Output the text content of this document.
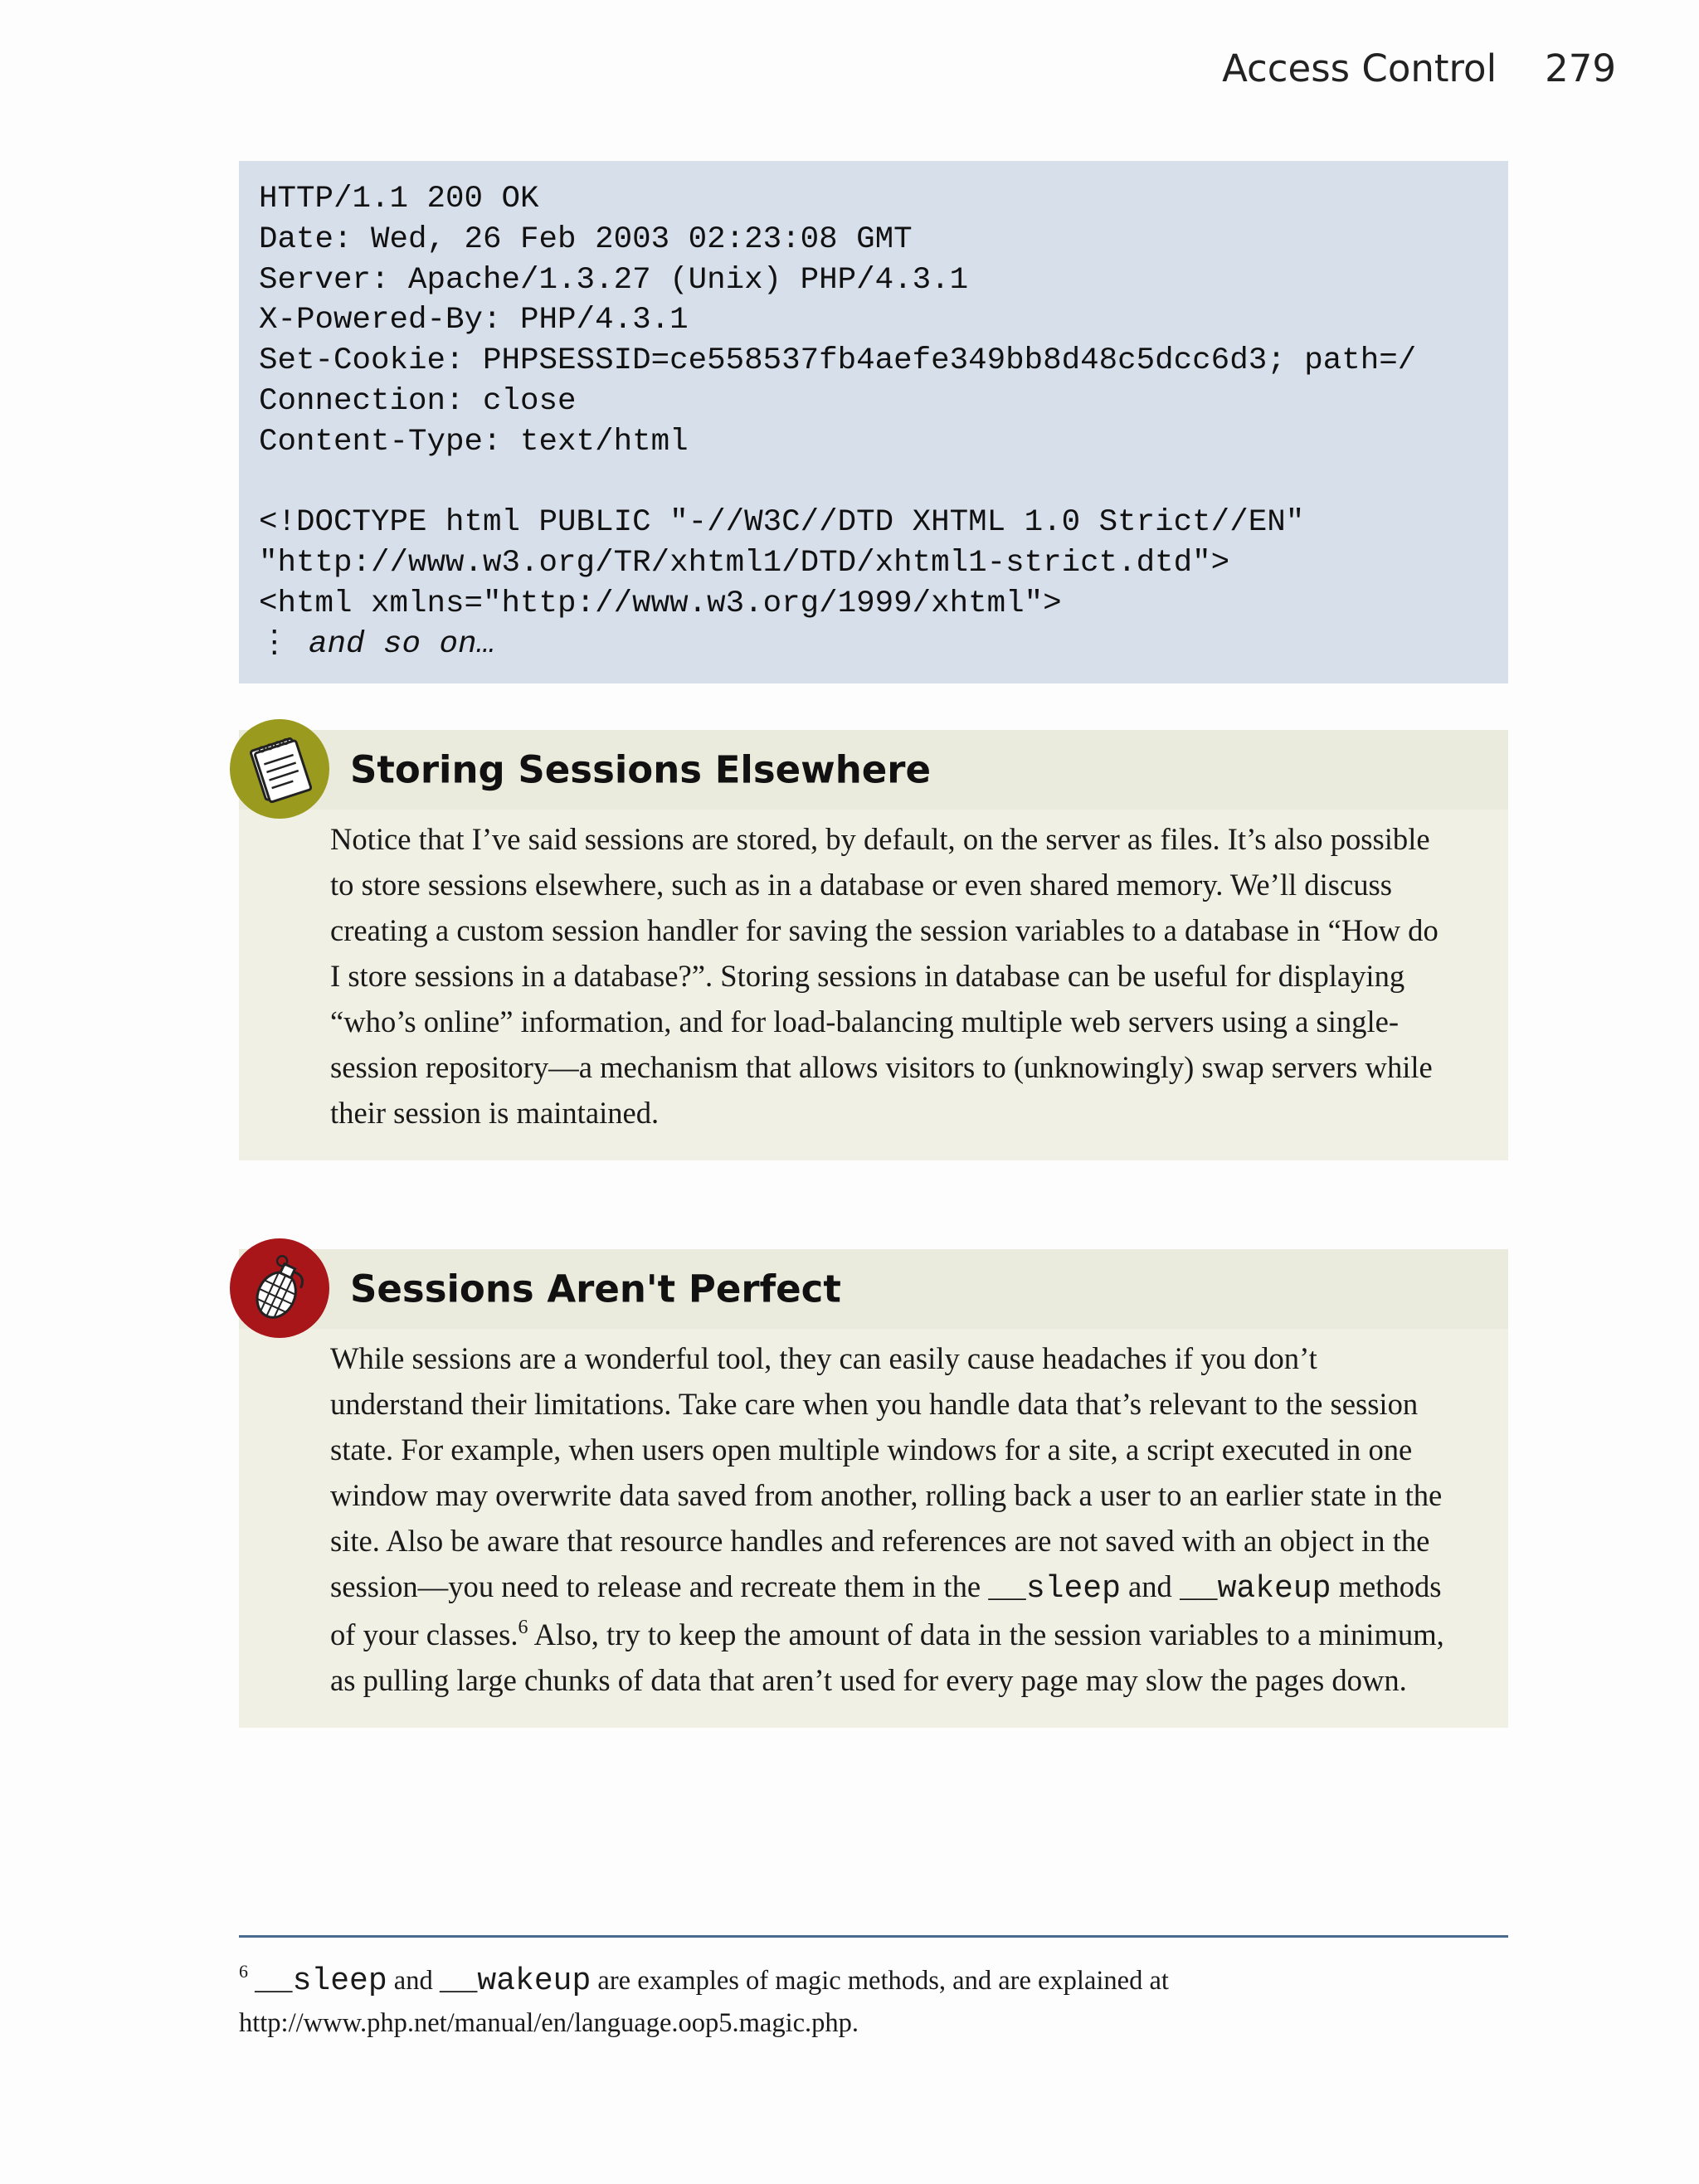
Access Control 279
HTTP/1.1 200 OK
Date: Wed, 26 Feb 2003 02:23:08 GMT
Server: Apache/1.3.27 (Unix) PHP/4.3.1
X-Powered-By: PHP/4.3.1
Set-Cookie: PHPSESSID=ce558537fb4aefe349bb8d48c5dcc6d3; path=/
Connection: close
Content-Type: text/html
<!DOCTYPE html PUBLIC "-//W3C//DTD XHTML 1.0 Strict//EN"
"http://www.w3.org/TR/xhtml1/DTD/xhtml1-strict.dtd">
<html xmlns="http://www.w3.org/1999/xhtml">
⋮ and so on…
Storing Sessions Elsewhere

Notice that I’ve said sessions are stored, by default, on the server as files. It’s also possible to store sessions elsewhere, such as in a database or even shared memory. We’ll discuss creating a custom session handler for saving the session variables to a database in “How do I store sessions in a database?”. Storing sessions in database can be useful for displaying “who’s online” information, and for load-balancing multiple web servers using a single-session repository—a mechanism that allows visitors to (unknowingly) swap servers while their session is maintained.

Sessions Aren't Perfect

While sessions are a wonderful tool, they can easily cause headaches if you don’t understand their limitations. Take care when you handle data that’s relevant to the session state. For example, when users open multiple windows for a site, a script executed in one window may overwrite data saved from another, rolling back a user to an earlier state in the site. Also be aware that resource handles and references are not saved with an object in the session—you need to release and recreate them in the __sleep and __wakeup methods of your classes.$^6$ Also, try to keep the amount of data in the session variables to a minimum, as pulling large chunks of data that aren’t used for every page may slow the pages down.

$^6$ __sleep and __wakeup are examples of magic methods, and are explained at
http://www.php.net/manual/en/language.oop5.magic.php.
